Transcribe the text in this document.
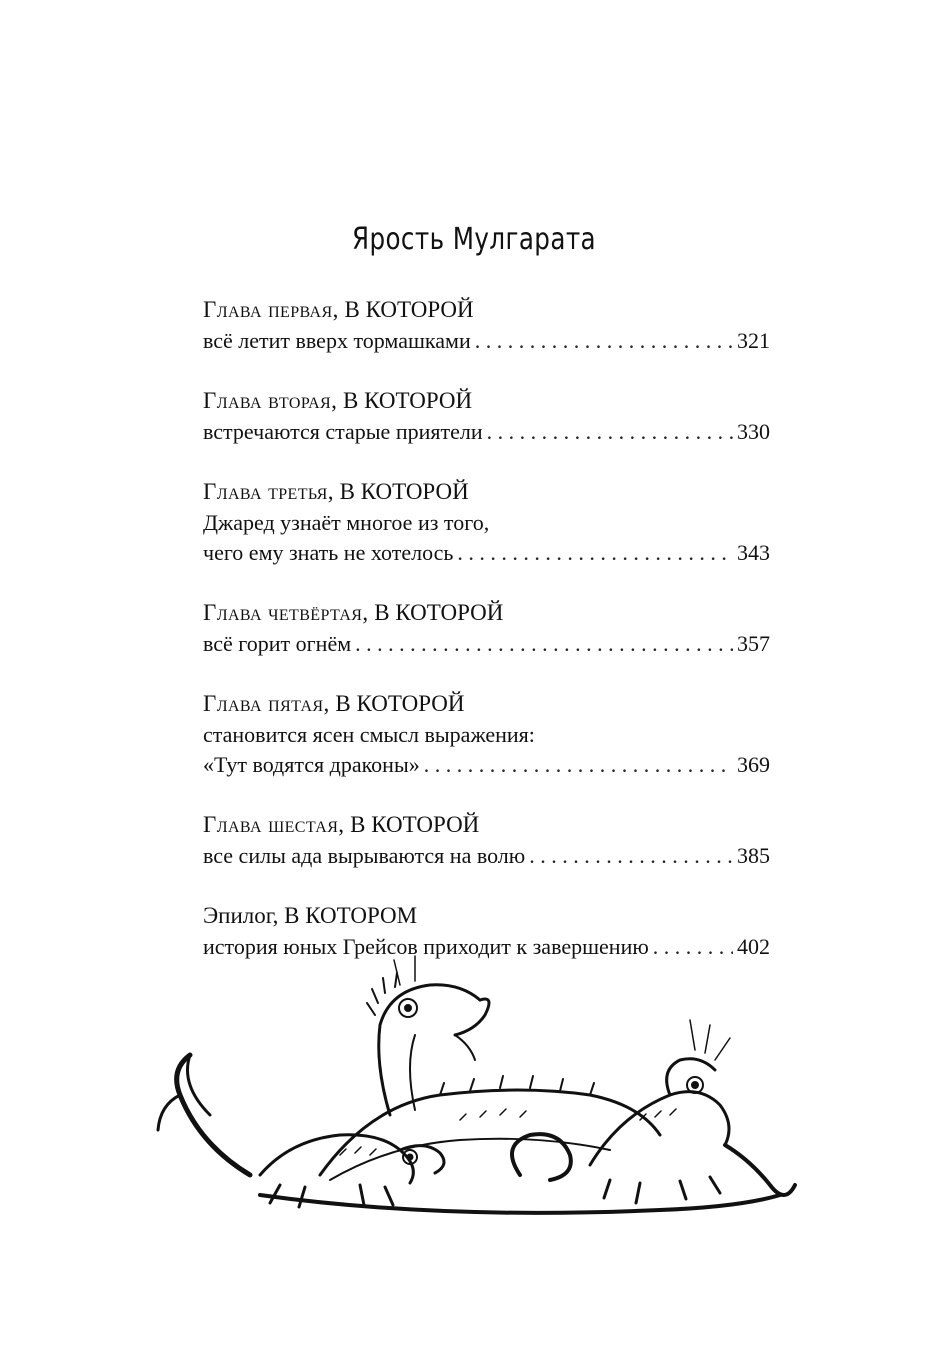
Ярость Мулгарата
Глава первая, В КОТОРОЙ
всё летит вверх тормашками . . .	321
Глава вторая, В КОТОРОЙ
встречаются старые приятели . . .	330
Глава третья, В КОТОРОЙ
Джаред узнаёт многое из того,
чего ему знать не хотелось . . .	343
Глава четвёртая, В КОТОРОЙ
всё горит огнём . . .	357
Глава пятая, В КОТОРОЙ
становится ясен смысл выражения:
«Тут водятся драконы» . . .	369
Глава шестая, В КОТОРОЙ
все силы ада вырываются на волю . . .	385
Эпилог, В КОТОРОМ
история юных Грейсов приходит к завершению . . .	402
